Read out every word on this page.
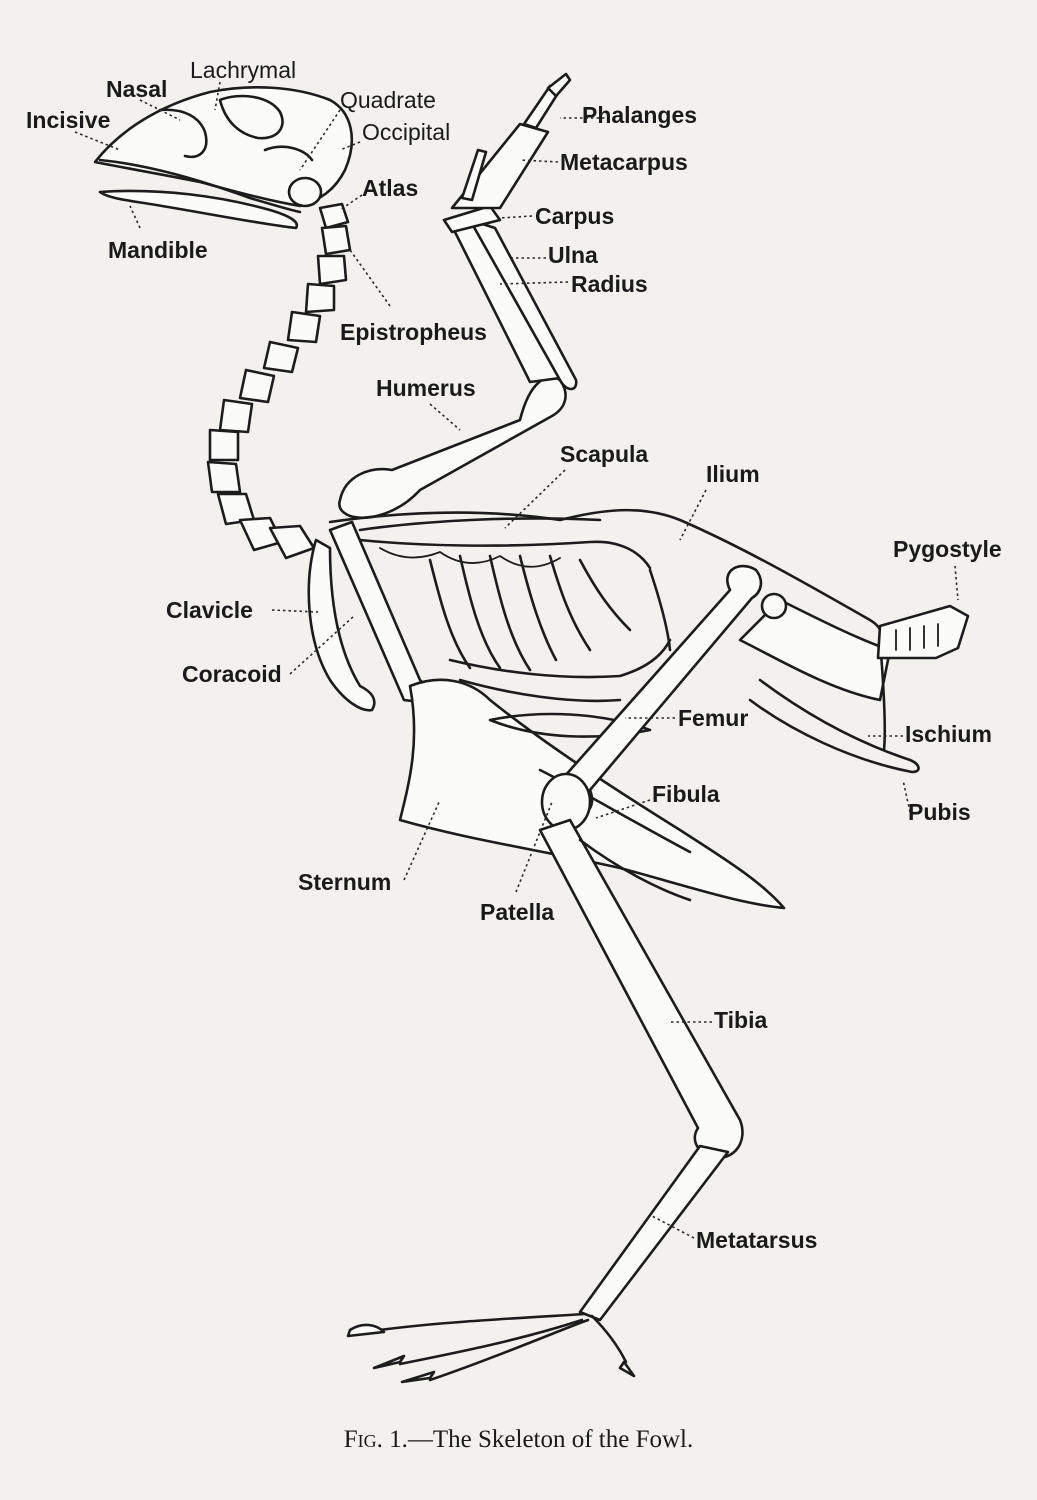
Incisive
Nasal
Lachrymal
Quadrate
Occipital
Atlas
Mandible
Epistropheus
Phalanges
Metacarpus
Carpus
Ulna
Radius
Humerus
Scapula
Ilium
Pygostyle
Clavicle
Coracoid
Femur
Ischium
Pubis
Fibula
Sternum
Patella
Tibia
Metatarsus
Fig. 1.—The Skeleton of the Fowl.
